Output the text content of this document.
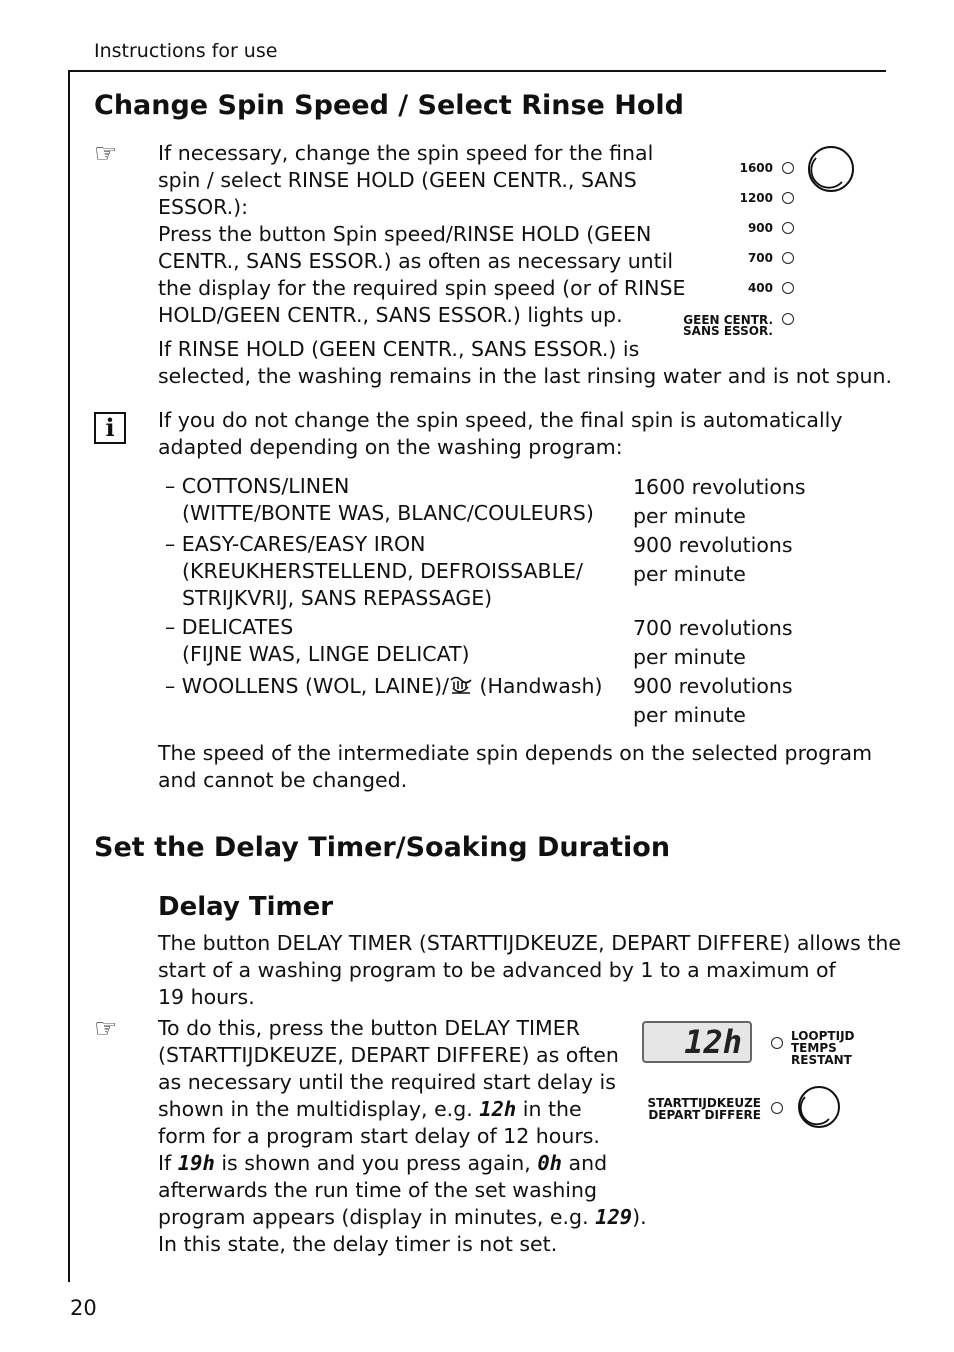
Instructions for use
20
Change Spin Speed / Select Rinse Hold
☞ If necessary, change the spin speed for the final
spin / select RINSE HOLD (GEEN CENTR., SANS
ESSOR.):
Press the button Spin speed/RINSE HOLD (GEEN
CENTR., SANS ESSOR.) as often as necessary until
the display for the required spin speed (or of RINSE
HOLD/GEEN CENTR., SANS ESSOR.) lights up.
If RINSE HOLD (GEEN CENTR., SANS ESSOR.) is
selected, the washing remains in the last rinsing water and is not spun.
1600
1200
900
700
400
GEEN CENTR.
SANS ESSOR.
i	If you do not change the spin speed, the final spin is automatically
adapted depending on the washing program:
– COTTONS/LINEN
(WITTE/BONTE WAS, BLANC/COULEURS)
– EASY-CARES/EASY IRON
(KREUKHERSTELLEND, DEFROISSABLE/
STRIJKVRIJ, SANS REPASSAGE)
– DELICATES
(FIJNE WAS, LINGE DELICAT)
– WOOLLENS (WOL, LAINE)/ (Handwash)
1600 revolutions
per minute
900 revolutions
per minute
700 revolutions
per minute
900 revolutions
per minute
The speed of the intermediate spin depends on the selected program
and cannot be changed.
Set the Delay Timer/Soaking Duration
Delay Timer
The button DELAY TIMER (STARTTIJDKEUZE, DEPART DIFFERE) allows the
start of a washing program to be advanced by 1 to a maximum of
19 hours.
☞ To do this, press the button DELAY TIMER
(STARTTIJDKEUZE, DEPART DIFFERE) as often
as necessary until the required start delay is
shown in the multidisplay, e.g. 12h in the
form for a program start delay of 12 hours.
If 19h is shown and you press again, 0h and
afterwards the run time of the set washing
program appears (display in minutes, e.g. 129).
In this state, the delay timer is not set.
12h	LOOPTIJD
TEMPS
RESTANT
STARTTIJDKEUZE
DEPART DIFFERE
